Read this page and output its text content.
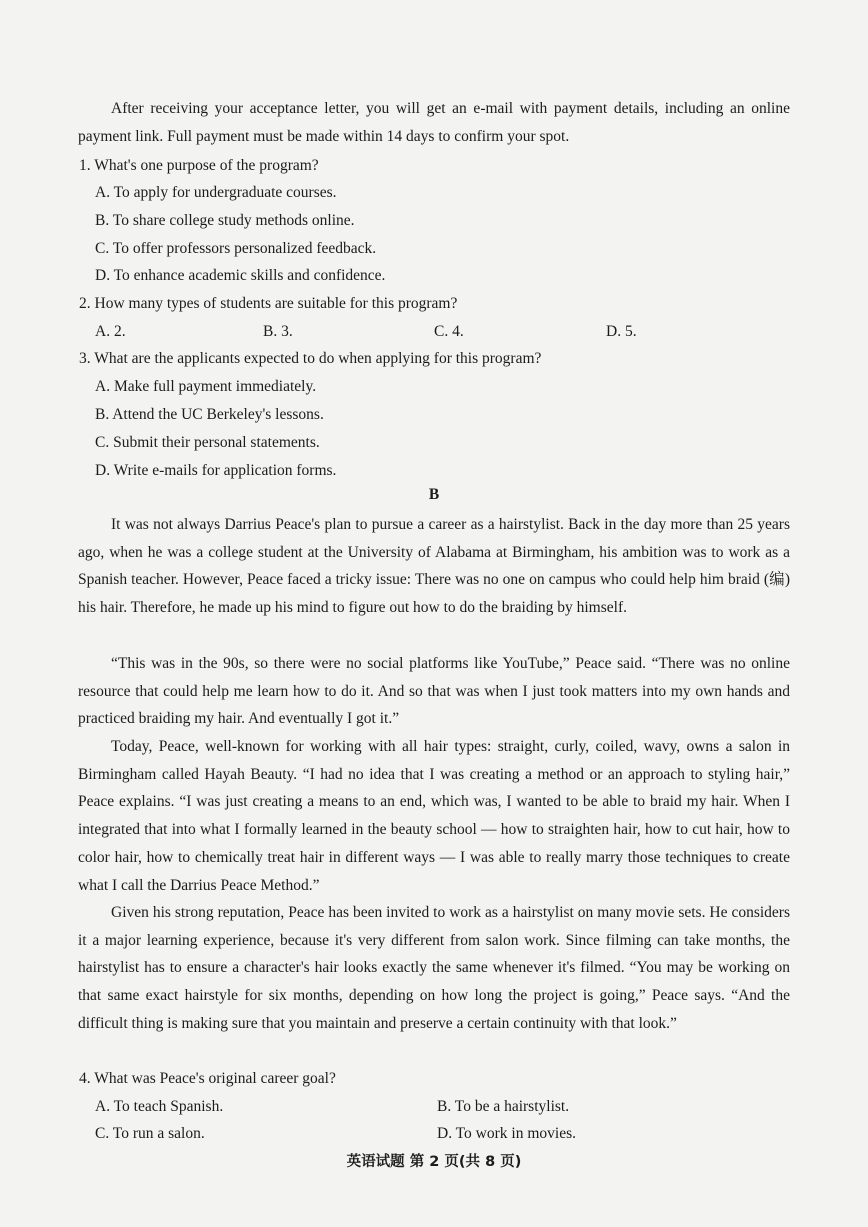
After receiving your acceptance letter, you will get an e-mail with payment details, including an online payment link. Full payment must be made within 14 days to confirm your spot.

1. What's one purpose of the program?
A. To apply for undergraduate courses.
B. To share college study methods online.
C. To offer professors personalized feedback.
D. To enhance academic skills and confidence.
2. How many types of students are suitable for this program?
A. 2.	B. 3.	C. 4.	D. 5.
3. What are the applicants expected to do when applying for this program?
A. Make full payment immediately.
B. Attend the UC Berkeley's lessons.
C. Submit their personal statements.
D. Write e-mails for application forms.
B

It was not always Darrius Peace's plan to pursue a career as a hairstylist. Back in the day more than 25 years ago, when he was a college student at the University of Alabama at Birmingham, his ambition was to work as a Spanish teacher. However, Peace faced a tricky issue: There was no one on campus who could help him braid (编) his hair. Therefore, he made up his mind to figure out how to do the braiding by himself.

“This was in the 90s, so there were no social platforms like YouTube,” Peace said. “There was no online resource that could help me learn how to do it. And so that was when I just took matters into my own hands and practiced braiding my hair. And eventually I got it.”

Today, Peace, well-known for working with all hair types: straight, curly, coiled, wavy, owns a salon in Birmingham called Hayah Beauty. “I had no idea that I was creating a method or an approach to styling hair,” Peace explains. “I was just creating a means to an end, which was, I wanted to be able to braid my hair. When I integrated that into what I formally learned in the beauty school — how to straighten hair, how to cut hair, how to color hair, how to chemically treat hair in different ways — I was able to really marry those techniques to create what I call the Darrius Peace Method.”

Given his strong reputation, Peace has been invited to work as a hairstylist on many movie sets. He considers it a major learning experience, because it's very different from salon work. Since filming can take months, the hairstylist has to ensure a character's hair looks exactly the same whenever it's filmed. “You may be working on that same exact hairstyle for six months, depending on how long the project is going,” Peace says. “And the difficult thing is making sure that you maintain and preserve a certain continuity with that look.”

4. What was Peace's original career goal?
A. To teach Spanish.	B. To be a hairstylist.
C. To run a salon.	D. To work in movies.
英语试题 第 2 页(共 8 页)
